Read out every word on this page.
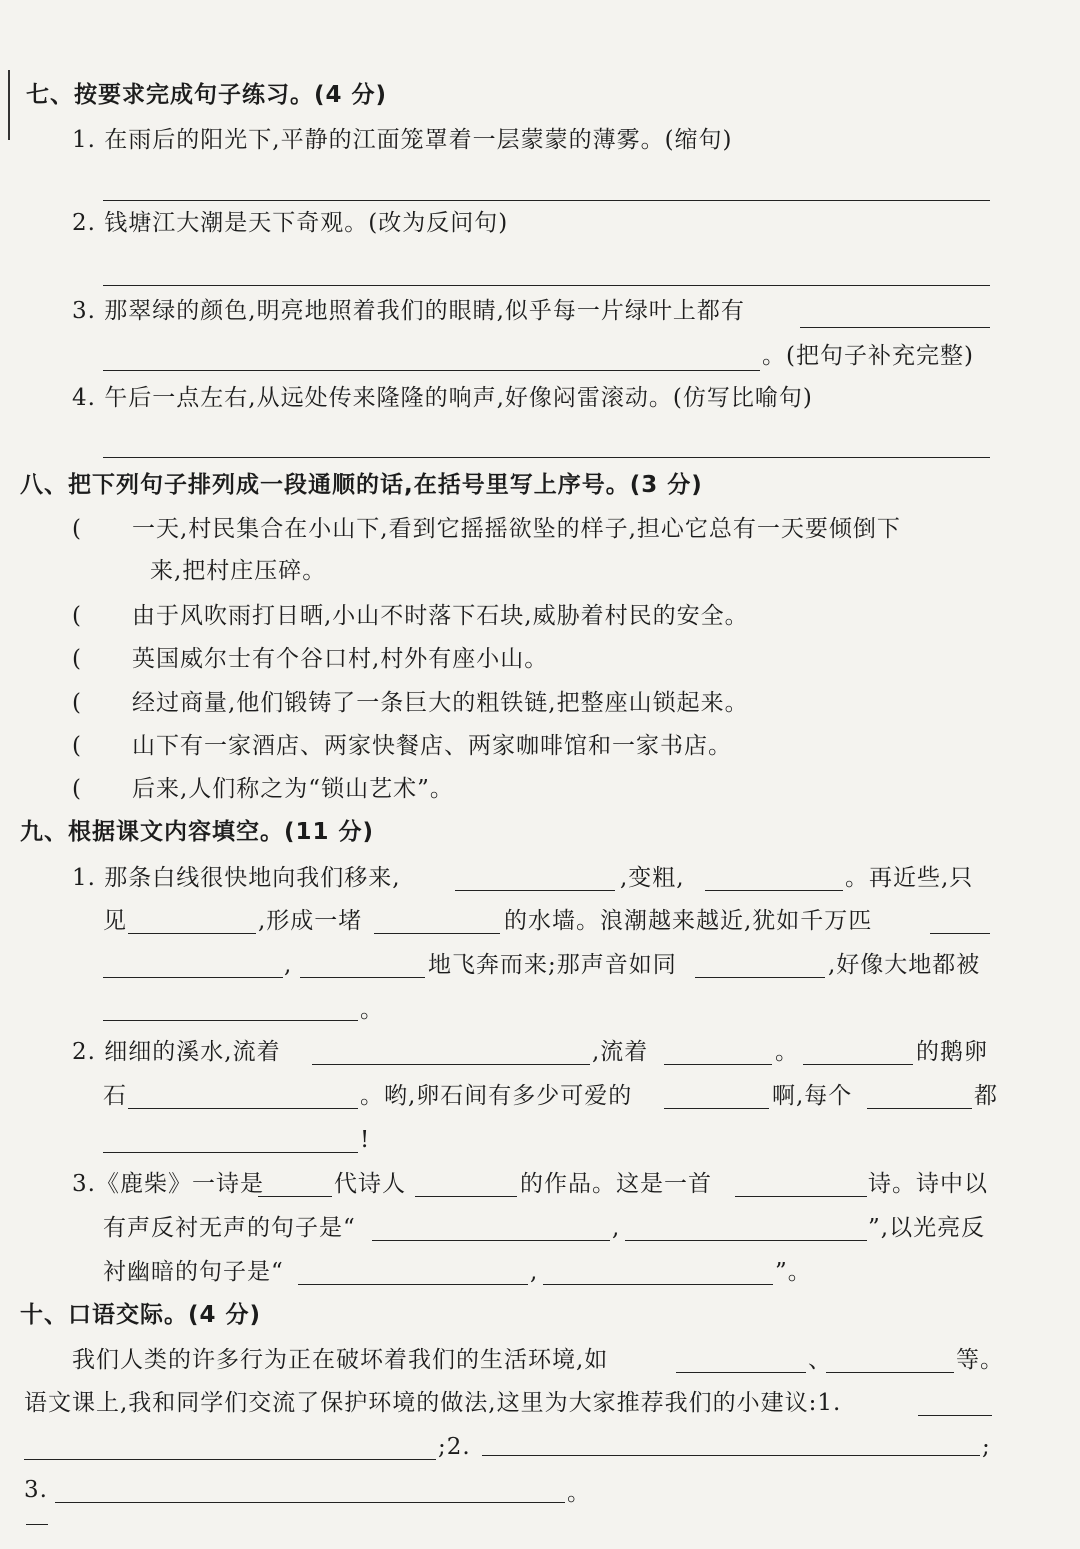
七、按要求完成句子练习。(4 分)
1. 在雨后的阳光下,平静的江面笼罩着一层蒙蒙的薄雾。(缩句)
2. 钱塘江大潮是天下奇观。(改为反问句)
3. 那翠绿的颜色,明亮地照着我们的眼睛,似乎每一片绿叶上都有
。(把句子补充完整)
4. 午后一点左右,从远处传来隆隆的响声,好像闷雷滚动。(仿写比喻句)
八、把下列句子排列成一段通顺的话,在括号里写上序号。(3 分)
( 一天,村民集合在小山下,看到它摇摇欲坠的样子,担心它总有一天要倾倒下
来,把村庄压碎。
( 由于风吹雨打日晒,小山不时落下石块,威胁着村民的安全。
( 英国威尔士有个谷口村,村外有座小山。
( 经过商量,他们锻铸了一条巨大的粗铁链,把整座山锁起来。
( 山下有一家酒店、两家快餐店、两家咖啡馆和一家书店。
( 后来,人们称之为“锁山艺术”。
九、根据课文内容填空。(11 分)
1. 那条白线很快地向我们移来,	,变粗,	。再近些,只
见	,形成一堵	的水墙。浪潮越来越近,犹如千万匹
,	地飞奔而来;那声音如同	,好像大地都被
。
2. 细细的溪水,流着	,流着	。	的鹅卵
石	。哟,卵石间有多少可爱的	啊,每个	都
!
3.《鹿柴》一诗是	代诗人	的作品。这是一首	诗。诗中以
有声反衬无声的句子是“	,	”,以光亮反
衬幽暗的句子是“	,	”。
十、口语交际。(4 分)
我们人类的许多行为正在破坏着我们的生活环境,如	、	等。
语文课上,我和同学们交流了保护环境的做法,这里为大家推荐我们的小建议:1.
;2.	;
3.	。
